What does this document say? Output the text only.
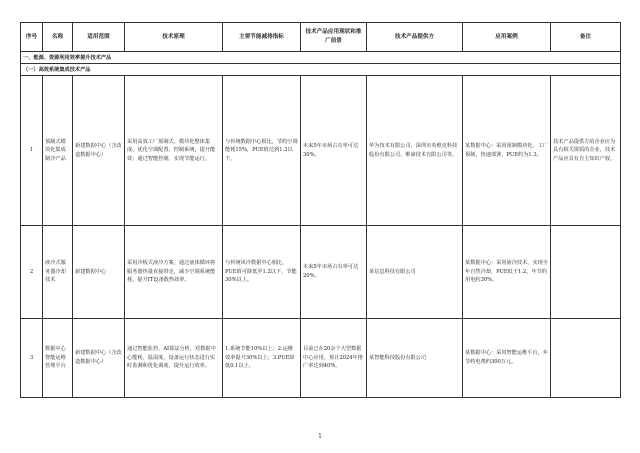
序号	名称	适用范围	技术原理	主要节能减排指标	技术产品应用现状和推广前景	技术产品提供方	应用案例	备注
一、能源、资源利用效率提升技术产品								
（一）高效系统集成技术产品								
1	预制式模块化集成制冷产品	新建数据中心（含改造数据中心）	采用高效工厂预制式、模块化整体集成，优化空调配置、控制系统，提升能效；通过智能控制，实现节能运行。	与传统数据中心相比，节约空调能耗15%，PUE值达到1.3以下。	未来5年市场占有率可达30%。	华为技术有限公司、深圳市英维克科技股份有限公司、维谛技术有限公司等。	某数据中心：采用预制模块化、工厂预制，快速部署，PUE约为1.3。	技术产品提供方的企业应为具有相关资质的企业，技术产品应具有自主知识产权。
2	液冷式服务器冷却技术	新建数据中心	采用冷板式液冷方案，通过液体循环将服务器热量直接带走，减少空调系统能耗，提升IT设备散热效率。	与传统风冷数据中心相比，PUE值可降低至1.2以下，节能30%以上。	未来5年市场占有率可达20%。	某信息科技有限公司	某数据中心：采用液冷技术，实现全年自然冷却，PUE低于1.2，年节约用电约30%。	
3	数据中心智能运维管理平台	新建数据中心（含改造数据中心）	通过智能监控、AI算法分析，对数据中心能耗、温湿度、设备运行状态进行实时监测和优化调度，提升运行效率。	1.系统节能10%以上；2.运维效率提升30%以上；3.PUE降低0.1以上。	目前已在20余个大型数据中心应用，预计2024年推广率达到40%。	某智能科技股份有限公司	某数据中心：采用智能运维平台，年节约电费约300万元。	
1
